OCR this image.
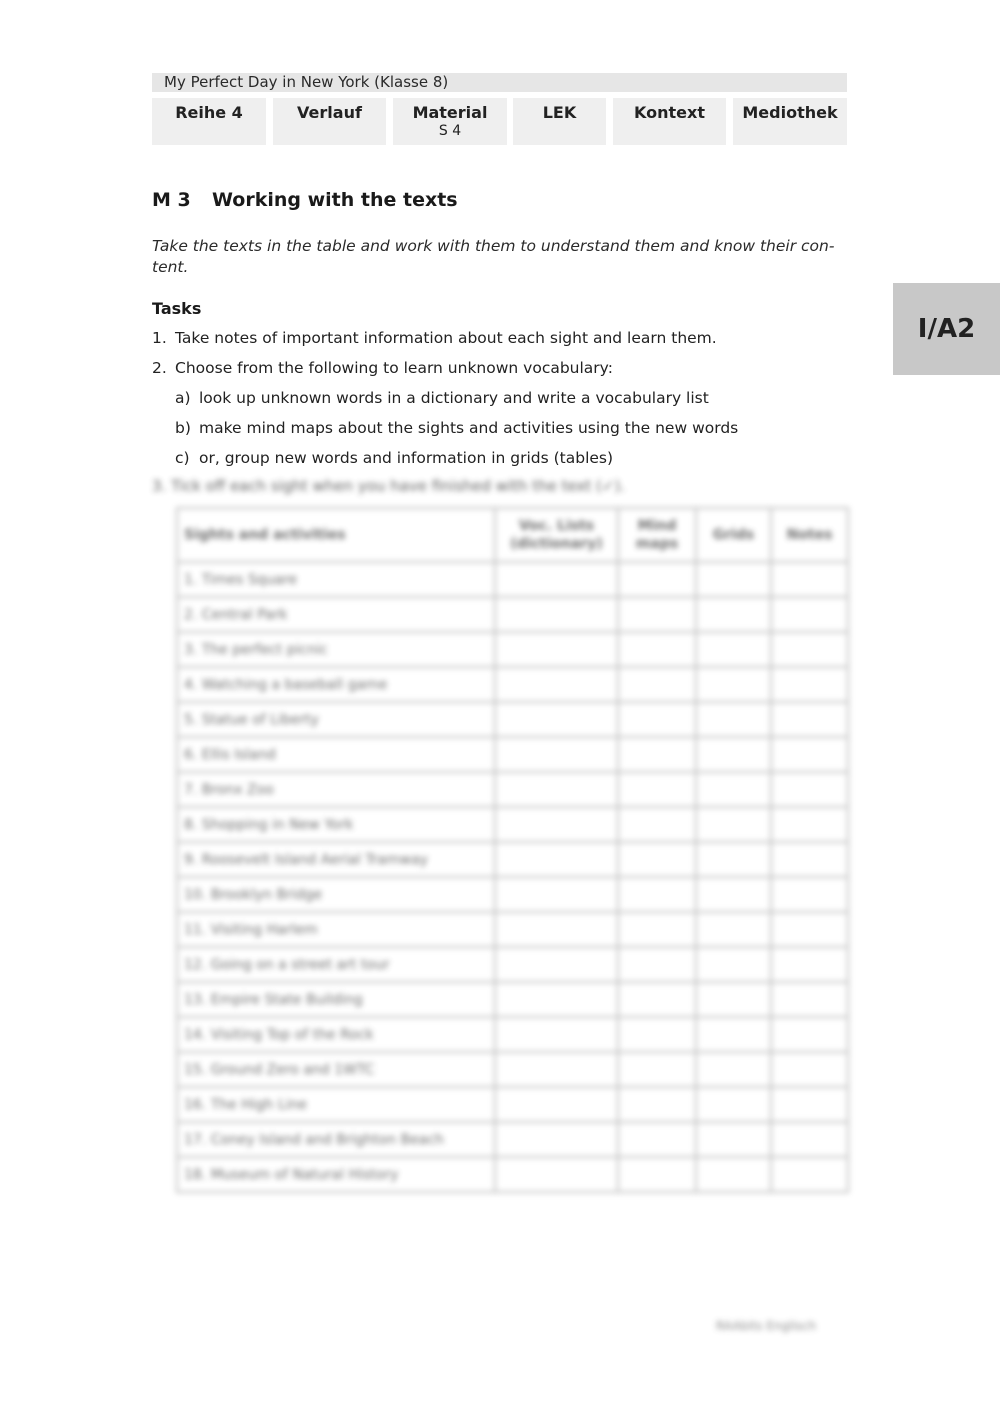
My Perfect Day in New York (Klasse 8)
Reihe 4	Verlauf	Material
S 4
LEK	Kontext	Mediothek
I/A2
M 3 Working with the texts
Take the texts in the table and work with them to understand them and know their con-tent.
Tasks
1. Take notes of important information about each sight and learn them.
2. Choose from the following to learn unknown vocabulary:
a) look up unknown words in a dictionary and write a vocabulary list
b) make mind maps about the sights and activities using the new words
c) or, group new words and information in grids (tables)
3. Tick off each sight when you have finished with the text (✓).
Sights and activities	Voc. Lists (dictionary)	Mind maps	Grids	Notes
1. Times Square				
2. Central Park				
3. The perfect picnic				
4. Watching a baseball game				
5. Statue of Liberty				
6. Ellis Island				
7. Bronx Zoo				
8. Shopping in New York				
9. Roosevelt Island Aerial Tramway				
10. Brooklyn Bridge				
11. Visiting Harlem				
12. Going on a street art tour				
13. Empire State Building				
14. Visiting Top of the Rock				
15. Ground Zero and 1WTC				
16. The High Line				
17. Coney Island and Brighton Beach				
18. Museum of Natural History				
RAAbits Englisch
